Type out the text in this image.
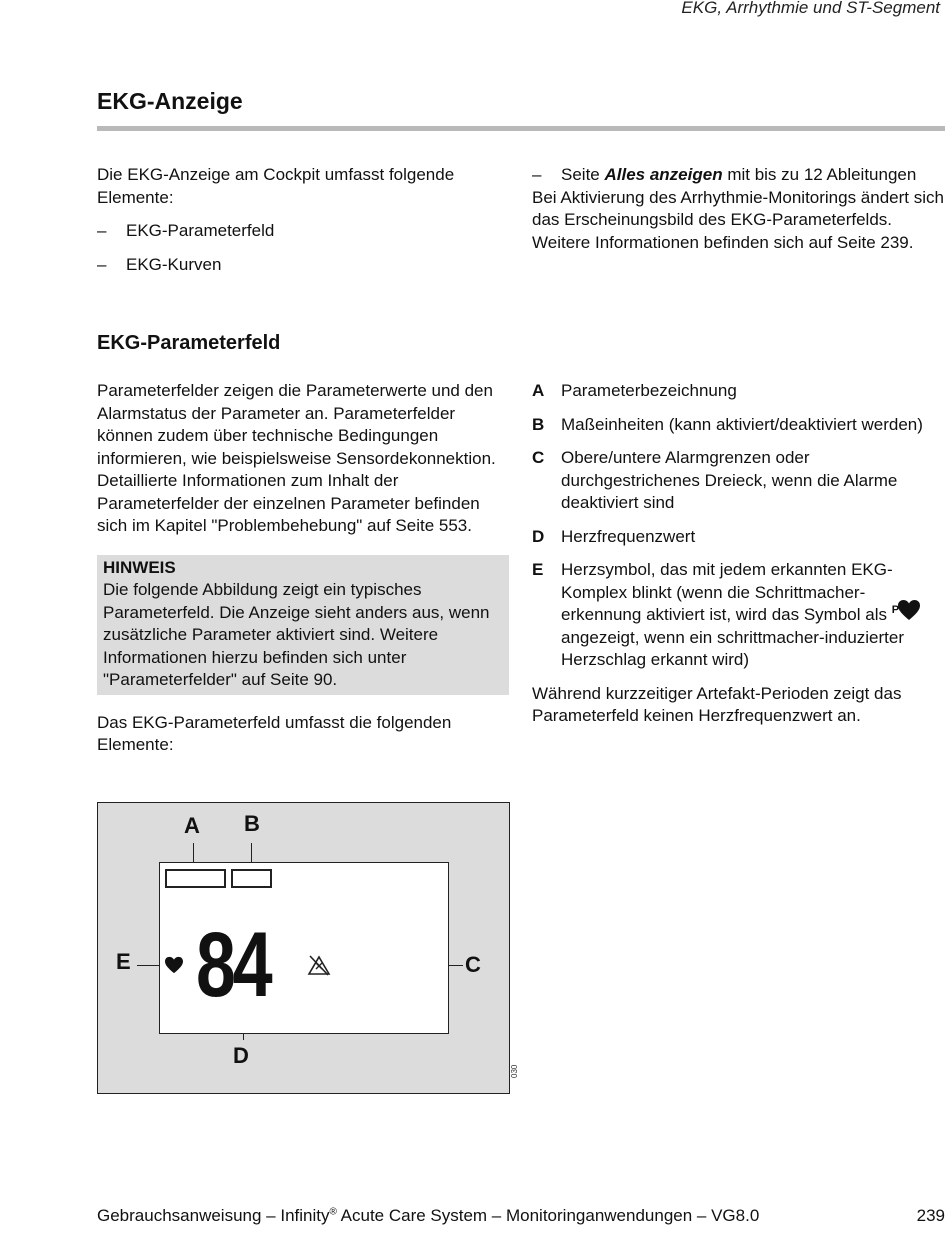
EKG, Arrhythmie und ST-Segment
EKG-Anzeige

Die EKG-Anzeige am Cockpit umfasst folgende Elemente:

–	EKG-Parameterfeld
–	EKG-Kurven
–	Seite Alles anzeigen mit bis zu 12 Ableitungen

Bei Aktivierung des Arrhythmie-Monitorings ändert sich das Erscheinungsbild des EKG-Parameterfelds. Weitere Informationen befinden sich auf Seite 239.

EKG-Parameterfeld

Parameterfelder zeigen die Parameterwerte und den Alarmstatus der Parameter an. Parameterfelder können zudem über technische Bedingungen informieren, wie beispielsweise Sensordekonnektion. Detaillierte Informationen zum Inhalt der Parameterfelder der einzelnen Parameter befinden sich im Kapitel "Problembehebung" auf Seite 553.

HINWEIS
Die folgende Abbildung zeigt ein typisches Parameterfeld. Die Anzeige sieht anders aus, wenn zusätzliche Parameter aktiviert sind. Weitere Informationen hierzu befinden sich unter "Parameterfelder" auf Seite 90.

Das EKG-Parameterfeld umfasst die folgenden Elemente:

A Parameterbezeichnung
B Maßeinheiten (kann aktiviert/deaktiviert werden)
C Obere/untere Alarmgrenzen oder durchgestrichenes Dreieck, wenn die Alarme deaktiviert sind
D Herzfrequenzwert
E	Herzsymbol, das mit jedem erkannten EKG-Komplex blinkt (wenn die Schrittmacher-erkennung aktiviert ist, wird das Symbol als P
angezeigt, wenn ein schrittmacher-induzierter Herzschlag erkannt wird)

Während kurzzeitiger Artefakt-Perioden zeigt das Parameterfeld keinen Herzfrequenzwert an.

A B
E	C
D
84
030
Gebrauchsanweisung – Infinity® Acute Care System – Monitoringanwendungen – VG8.0	239
